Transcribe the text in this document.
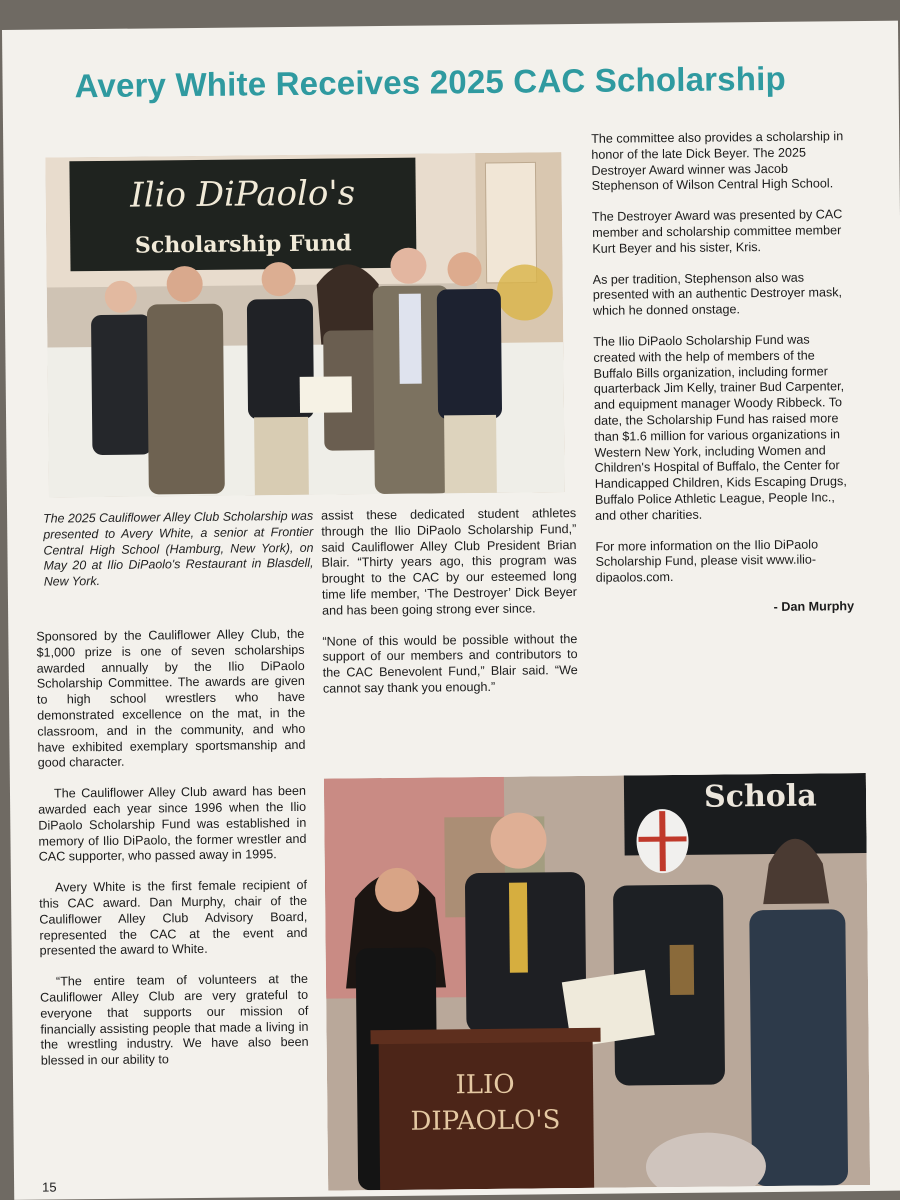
Avery White Receives 2025 CAC Scholarship
Ilio DiPaolo's
Scholarship Fund
The 2025 Cauliflower Alley Club Scholarship was presented to Avery White, a senior at Frontier Central High School (Hamburg, New York), on May 20 at Ilio DiPaolo's Restaurant in Blasdell, New York.

Sponsored by the Cauliflower Alley Club, the $1,000 prize is one of seven scholarships awarded annually by the Ilio DiPaolo Scholarship Committee. The awards are given to high school wrestlers who have demonstrated excellence on the mat, in the classroom, and in the community, and who have exhibited exemplary sportsmanship and good character.

The Cauliflower Alley Club award has been awarded each year since 1996 when the Ilio DiPaolo Scholarship Fund was established in memory of Ilio DiPaolo, the former wrestler and CAC supporter, who passed away in 1995.

Avery White is the first female recipient of this CAC award. Dan Murphy, chair of the Cauliflower Alley Club Advisory Board, represented the CAC at the event and presented the award to White.

“The entire team of volunteers at the Cauliflower Alley Club are very grateful to everyone that supports our mission of financially assisting people that made a living in the wrestling industry. We have also been blessed in our ability to

assist these dedicated student athletes through the Ilio DiPaolo Scholarship Fund,” said Cauliflower Alley Club President Brian Blair. “Thirty years ago, this program was brought to the CAC by our esteemed long time life member, ‘The Destroyer’ Dick Beyer and has been going strong ever since.

“None of this would be possible without the support of our members and contributors to the CAC Benevolent Fund,” Blair said. “We cannot say thank you enough.”

The committee also provides a scholarship in honor of the late Dick Beyer. The 2025 Destroyer Award winner was Jacob Stephenson of Wilson Central High School.

The Destroyer Award was presented by CAC member and scholarship committee member Kurt Beyer and his sister, Kris.

As per tradition, Stephenson also was presented with an authentic Destroyer mask, which he donned onstage.

The Ilio DiPaolo Scholarship Fund was created with the help of members of the Buffalo Bills organization, including former quarterback Jim Kelly, trainer Bud Carpenter, and equipment manager Woody Ribbeck. To date, the Scholarship Fund has raised more than $1.6 million for various organizations in Western New York, including Women and Children's Hospital of Buffalo, the Center for Handicapped Children, Kids Escaping Drugs, Buffalo Police Athletic League, People Inc., and other charities.

For more information on the Ilio DiPaolo Scholarship Fund, please visit www.ilio-dipaolos.com.

- Dan Murphy

Schola
ILIO
DIPAOLO'S
15
